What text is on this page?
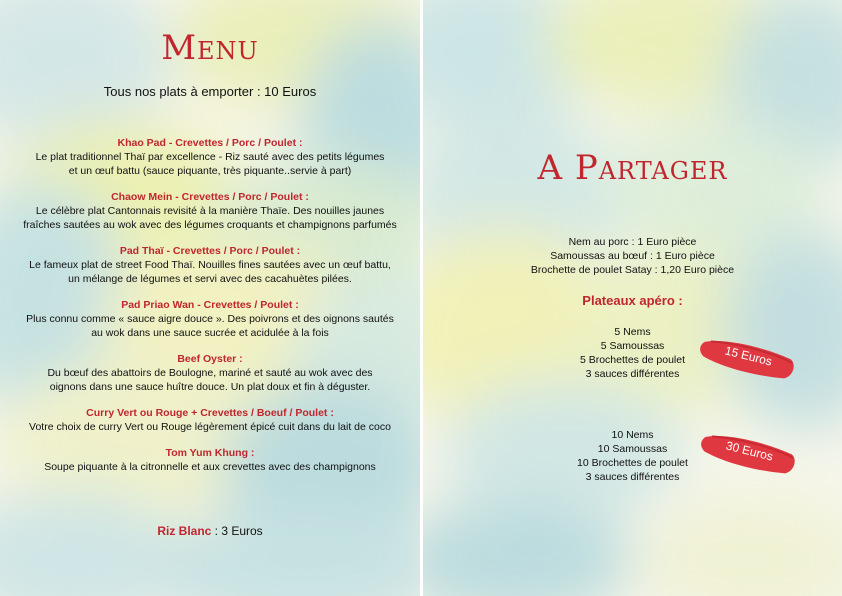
Menu
Tous nos plats à emporter : 10 Euros
Khao Pad - Crevettes / Porc / Poulet :
Le plat traditionnel Thaï par excellence - Riz sauté avec des petits légumes
et un œuf battu (sauce piquante, très piquante..servie à part)
Chaow Mein - Crevettes / Porc / Poulet :
Le célèbre plat Cantonnais revisité à la manière Thaïe. Des nouilles jaunes
fraîches sautées au wok avec des légumes croquants et champignons parfumés
Pad Thaï - Crevettes / Porc / Poulet :
Le fameux plat de street Food Thaï. Nouilles fines sautées avec un œuf battu,
un mélange de légumes et servi avec des cacahuètes pilées.
Pad Priao Wan - Crevettes / Poulet :
Plus connu comme « sauce aigre douce ». Des poivrons et des oignons sautés
au wok dans une sauce sucrée et acidulée à la fois
Beef Oyster :
Du bœuf des abattoirs de Boulogne, mariné et sauté au wok avec des
oignons dans une sauce huître douce. Un plat doux et fin à déguster.
Curry Vert ou Rouge + Crevettes / Boeuf / Poulet :
Votre choix de curry Vert ou Rouge légèrement épicé cuit dans du lait de coco
Tom Yum Khung :
Soupe piquante à la citronnelle et aux crevettes avec des champignons
Riz Blanc : 3 Euros
A Partager
Nem au porc : 1 Euro pièce
Samoussas au bœuf : 1 Euro pièce
Brochette de poulet Satay : 1,20 Euro pièce
Plateaux apéro :
5 Nems
5 Samoussas
5 Brochettes de poulet
3 sauces différentes
10 Nems
10 Samoussas
10 Brochettes de poulet
3 sauces différentes
15 Euros
30 Euros
